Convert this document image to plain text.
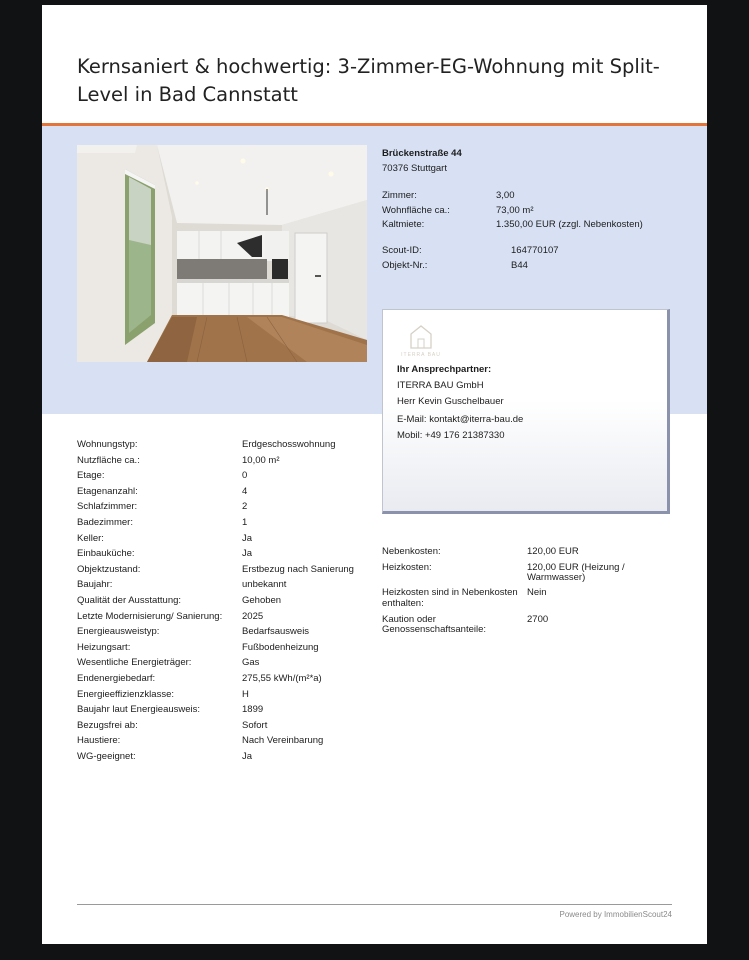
Kernsaniert & hochwertig: 3-Zimmer-EG-Wohnung mit Split-Level in Bad Cannstatt
Brückenstraße 44
70376 Stuttgart
Zimmer:	3,00
Wohnfläche ca.:	73,00 m²
Kaltmiete:	1.350,00 EUR (zzgl. Nebenkosten)
Scout-ID:	164770107
Objekt-Nr.:	B44
ITERRA BAU
Ihr Ansprechpartner:
ITERRA BAU GmbH
Herr Kevin Guschelbauer
E-Mail: kontakt@iterra-bau.de
Mobil: +49 176 21387330
Wohnungstyp:	Erdgeschosswohnung
Nutzfläche ca.:	10,00 m²
Etage:	0
Etagenanzahl:	4
Schlafzimmer:	2
Badezimmer:	1
Keller:	Ja
Einbauküche:	Ja
Objektzustand:	Erstbezug nach Sanierung
Baujahr:	unbekannt
Qualität der Ausstattung:	Gehoben
Letzte Modernisierung/ Sanierung: 2025
Energieausweistyp:	Bedarfsausweis
Heizungsart:	Fußbodenheizung
Wesentliche Energieträger:	Gas
Endenergiebedarf:	275,55 kWh/(m²*a)
Energieeffizienzklasse:	H
Baujahr laut Energieausweis:	1899
Bezugsfrei ab:	Sofort
Haustiere:	Nach Vereinbarung
WG-geeignet:	Ja
Nebenkosten:	120,00 EUR
Heizkosten:	120,00 EUR (Heizung / Warmwasser)
Heizkosten sind in Nebenkosten enthalten:
Nein
Kaution oder Genossenschaftsanteile:
2700
Powered by ImmobilienScout24
